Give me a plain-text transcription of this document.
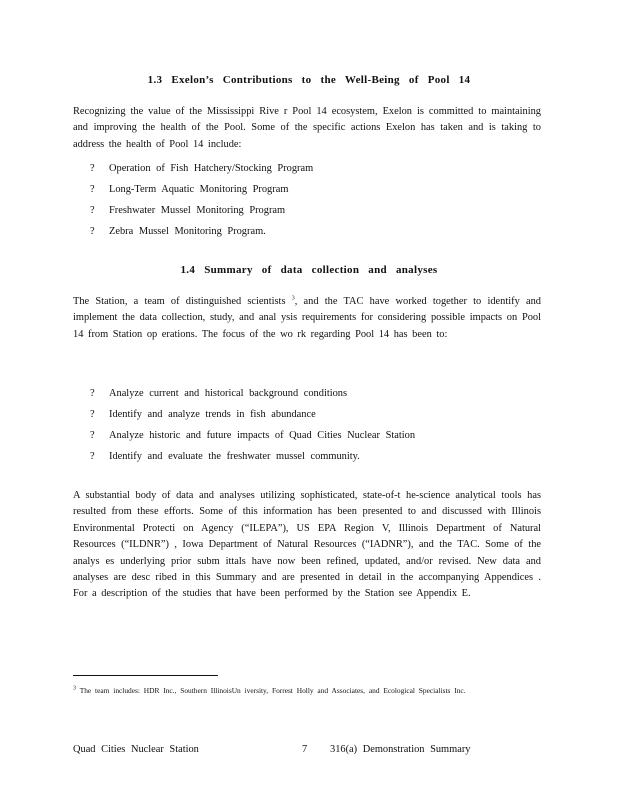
1.3 Exelon’s Contributions to the Well-Being of Pool 14

Recognizing the value of the Mississippi Rive r Pool 14 ecosystem, Exelon is committed to maintaining and improving the health of the Pool. Some of the specific actions Exelon has taken and is taking to address the health of Pool 14 include:

? Operation of Fish Hatchery/Stocking Program
? Long-Term Aquatic Monitoring Program
? Freshwater Mussel Monitoring Program
? Zebra Mussel Monitoring Program.
1.4 Summary of data collection and analyses

The Station, a team of distinguished scientists $^3$, and the TAC have worked together to identify and implement the data collection, study, and anal ysis requirements for considering possible impacts on Pool 14 from Station op erations. The focus of the wo rk regarding Pool 14 has been to:

? Analyze current and historical background conditions
? Identify and analyze trends in fish abundance
? Analyze historic and future impacts of Quad Cities Nuclear Station
? Identify and evaluate the freshwater mussel community.

A substantial body of data and analyses utilizing sophisticated, state-of-t he-science analytical tools has resulted from these efforts. Some of this information has been presented to and discussed with Illinois Environmental Protecti on Agency (“ILEPA”), US EPA Region V, Illinois Department of Natural Resources (“ILDNR”) , Iowa Department of Natural Resources (“IADNR”), and the TAC. Some of the analys es underlying prior subm ittals have now been refined, updated, and/or revised. New data and analyses are desc ribed in this Summary and are presented in detail in the accompanying Appendices . For a description of the studies that have been performed by the Station see Appendix E.

$^3$ The team includes: HDR Inc., Southern IllinoisUn iversity, Forrest Holly and Associates, and Ecological Specialists Inc.

Quad Cities Nuclear Station	7 316(a) Demonstration Summary
